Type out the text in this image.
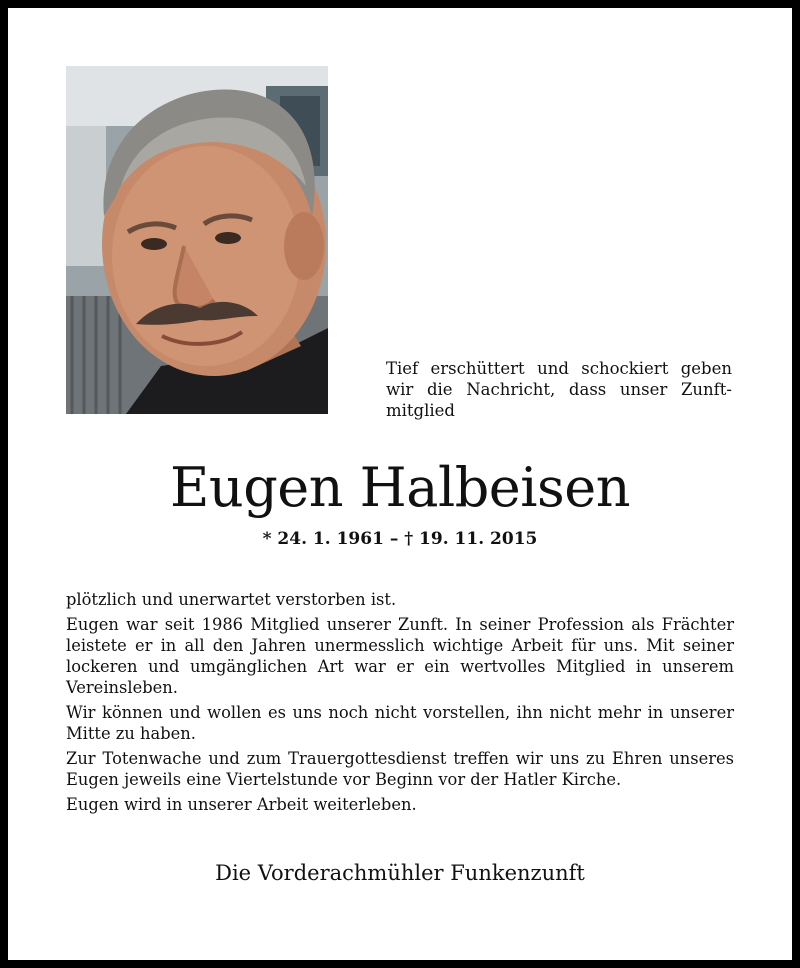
Tief erschüttert und schockiert geben wir die Nachricht, dass unser Zunft-mitglied
Eugen Halbeisen
* 24. 1. 1961 – † 19. 11. 2015

plötzlich und unerwartet verstorben ist.

Eugen war seit 1986 Mitglied unserer Zunft. In seiner Profession als Frächter leistete er in all den Jahren unermesslich wichtige Arbeit für uns. Mit seiner lockeren und umgänglichen Art war er ein wertvolles Mitglied in unserem Vereinsleben.

Wir können und wollen es uns noch nicht vorstellen, ihn nicht mehr in unserer Mitte zu haben.

Zur Totenwache und zum Trauergottesdienst treffen wir uns zu Ehren unseres Eugen jeweils eine Viertelstunde vor Beginn vor der Hatler Kirche.

Eugen wird in unserer Arbeit weiterleben.

Die Vorderachmühler Funkenzunft
